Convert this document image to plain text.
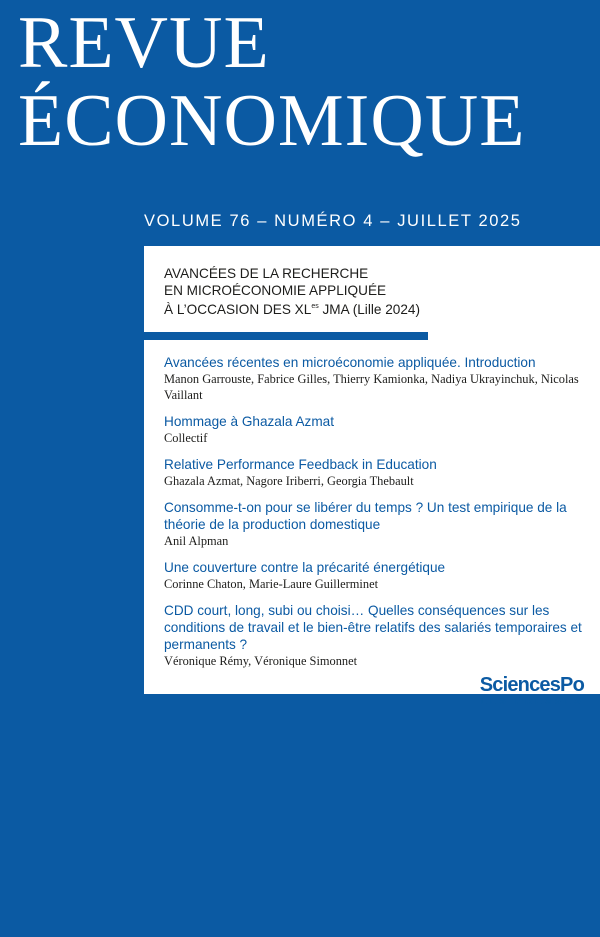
REVUE
ÉCONOMIQUE
VOLUME 76 – NUMÉRO 4 – JUILLET 2025
AVANCÉES DE LA RECHERCHE
EN MICROÉCONOMIE APPLIQUÉE
À L’OCCASION DES $XL^{es}$ JMA (Lille 2024)
Avancées récentes en microéconomie appliquée. Introduction
Manon Garrouste, Fabrice Gilles, Thierry Kamionka, Nadiya Ukrayinchuk, Nicolas Vaillant
Hommage à Ghazala Azmat
Collectif
Relative Performance Feedback in Education
Ghazala Azmat, Nagore Iriberri, Georgia Thebault
Consomme-t-on pour se libérer du temps ? Un test empirique de la théorie de la production domestique
Anil Alpman
Une couverture contre la précarité énergétique
Corinne Chaton, Marie-Laure Guillerminet
CDD court, long, subi ou choisi… Quelles conséquences sur les conditions de travail et le bien-être relatifs des salariés temporaires et permanents ?
Véronique Rémy, Véronique Simonnet
SciencesPo
LES PRESSES
